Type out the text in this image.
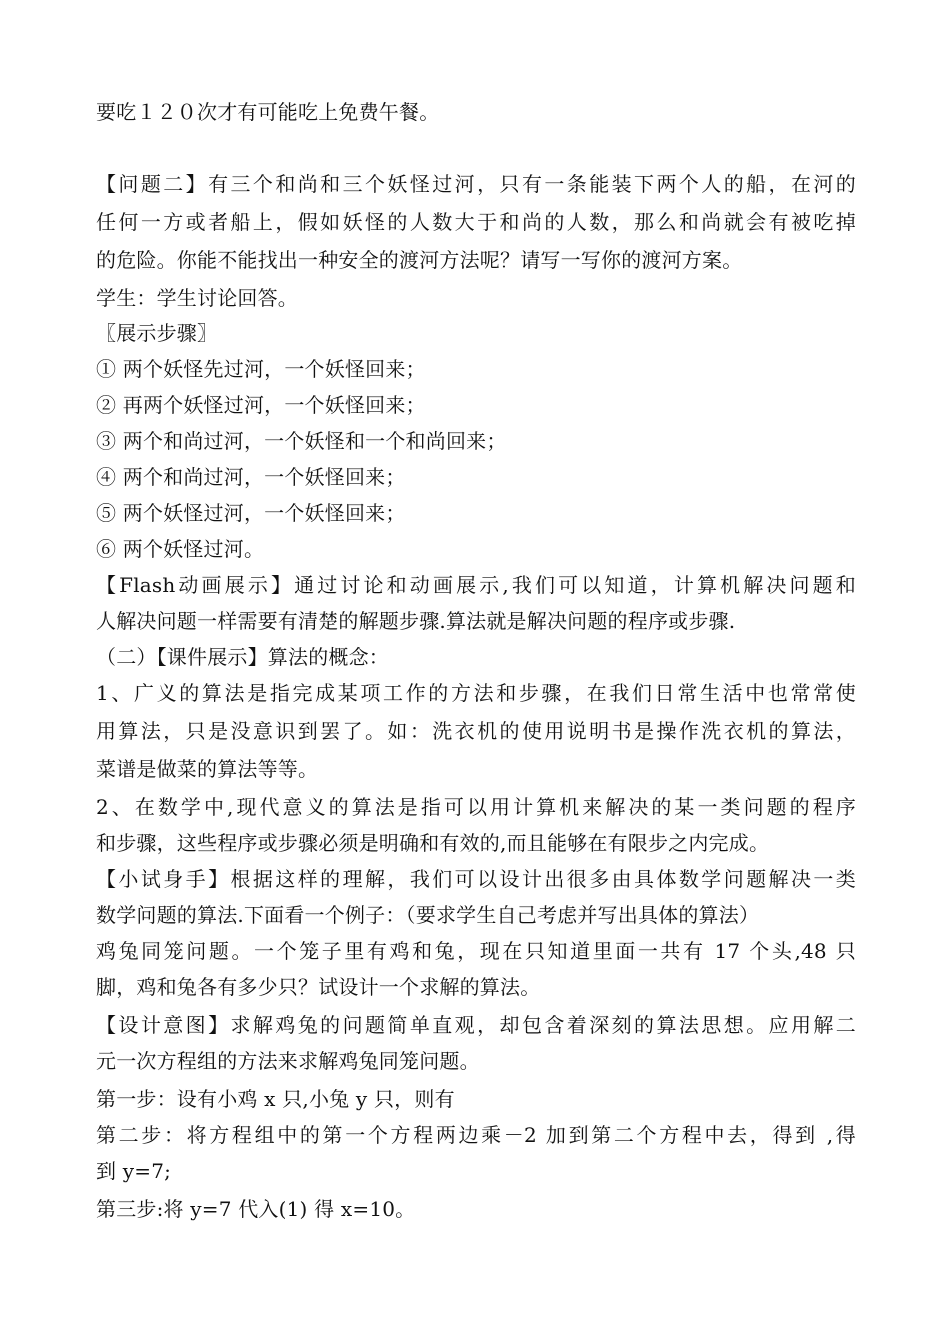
要吃１２０次才有可能吃上免费午餐。
【问题二】有三个和尚和三个妖怪过河，只有一条能装下两个人的船，在河的
任何一方或者船上，假如妖怪的人数大于和尚的人数，那么和尚就会有被吃掉
的危险。你能不能找出一种安全的渡河方法呢？请写一写你的渡河方案。
学生：学生讨论回答。
〖展示步骤〗
① 两个妖怪先过河，一个妖怪回来；
② 再两个妖怪过河，一个妖怪回来；
③ 两个和尚过河，一个妖怪和一个和尚回来；
④ 两个和尚过河，一个妖怪回来；
⑤ 两个妖怪过河，一个妖怪回来；
⑥ 两个妖怪过河。
【Flash动画展示】通过讨论和动画展示,我们可以知道，计算机解决问题和
人解决问题一样需要有清楚的解题步骤.算法就是解决问题的程序或步骤.
（二）【课件展示】算法的概念：
1、广义的算法是指完成某项工作的方法和步骤，在我们日常生活中也常常使
用算法，只是没意识到罢了。如：洗衣机的使用说明书是操作洗衣机的算法，
菜谱是做菜的算法等等。
2、在数学中,现代意义的算法是指可以用计算机来解决的某一类问题的程序
和步骤，这些程序或步骤必须是明确和有效的,而且能够在有限步之内完成。
【小试身手】根据这样的理解，我们可以设计出很多由具体数学问题解决一类
数学问题的算法.下面看一个例子：（要求学生自己考虑并写出具体的算法）
鸡兔同笼问题。一个笼子里有鸡和兔，现在只知道里面一共有 17 个头,48 只
脚，鸡和兔各有多少只？试设计一个求解的算法。
【设计意图】求解鸡兔的问题简单直观，却包含着深刻的算法思想。应用解二
元一次方程组的方法来求解鸡兔同笼问题。
第一步：设有小鸡 x 只,小兔 y 只，则有
第二步：将方程组中的第一个方程两边乘－2 加到第二个方程中去，得到 ,得
到 y=7;
第三步:将 y=7 代入(1) 得 x=10。
